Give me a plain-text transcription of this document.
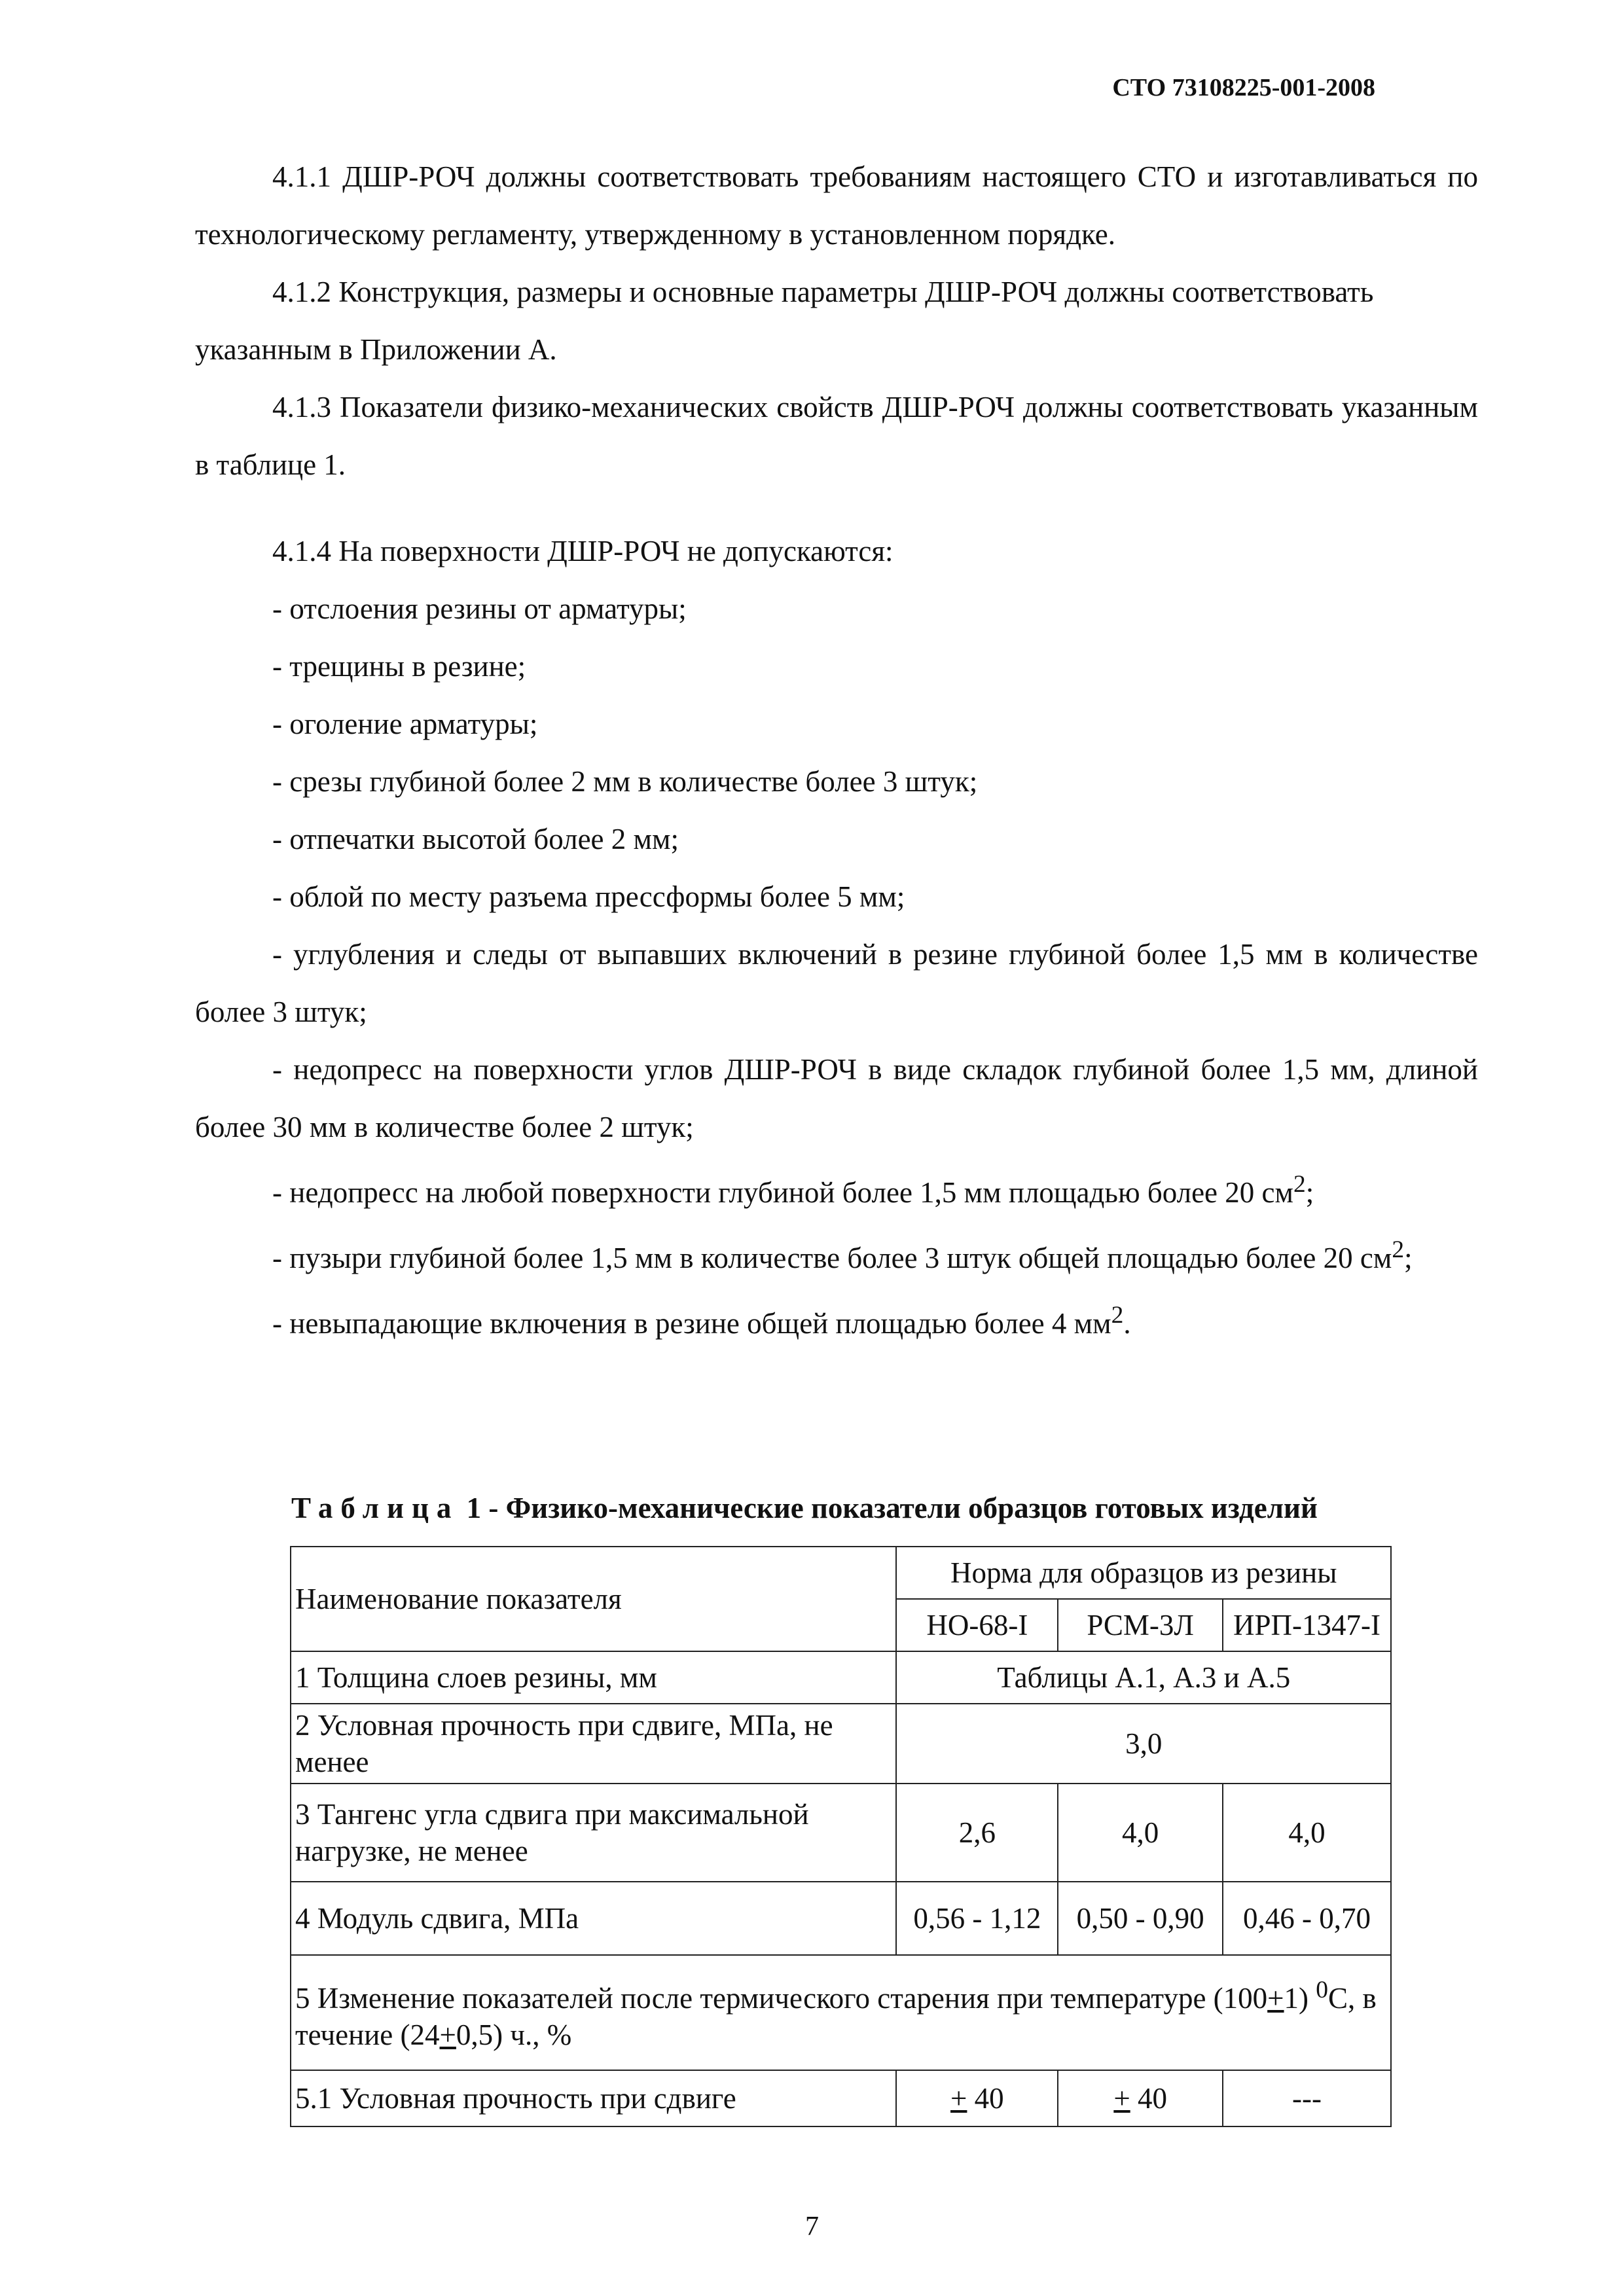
СТО 73108225-001-2008

4.1.1 ДШР-РОЧ должны соответствовать требованиям настоящего СТО и изготавливаться по технологическому регламенту, утвержденному в установленном порядке.

4.1.2 Конструкция, размеры и основные параметры ДШР-РОЧ должны соответствовать

указанным в Приложении А.

4.1.3 Показатели физико-механических свойств ДШР-РОЧ должны соответствовать указанным в таблице 1.

4.1.4 На поверхности ДШР-РОЧ не допускаются:

- отслоения резины от арматуры;

- трещины в резине;

- оголение арматуры;

- срезы глубиной более 2 мм в количестве более 3 штук;

- отпечатки высотой более 2 мм;

- облой по месту разъема прессформы более 5 мм;

- углубления и следы от выпавших включений в резине глубиной более 1,5 мм в количестве более 3 штук;

- недопресс на поверхности углов ДШР-РОЧ в виде складок глубиной более 1,5 мм, длиной более 30 мм в количестве более 2 штук;

- недопресс на любой поверхности глубиной более 1,5 мм площадью более 20 $см^2$;

- пузыри глубиной более 1,5 мм в количестве более 3 штук общей площадью более 20 $см^2$;

- невыпадающие включения в резине общей площадью более 4 $мм^2$.

Таблица 1 - Физико-механические показатели образцов готовых изделий
Наименование показателя	Норма для образцов из резины		
	НО-68-I	РСМ-3Л	ИРП-1347-I
1 Толщина слоев резины, мм	Таблицы А.1, А.3 и А.5		
2 Условная прочность при сдвиге, МПа, не менее	3,0		
3 Тангенс угла сдвига при максимальной нагрузке, не менее	2,6	4,0	4,0
4 Модуль сдвига, МПа	0,56 - 1,12	0,50 - 0,90	0,46 - 0,70
5 Изменение показателей после термического старения при температуре (100+1) $^0$С, в течение (24+0,5) ч., %			
5.1 Условная прочность при сдвиге	+ 40	+ 40	---
7
